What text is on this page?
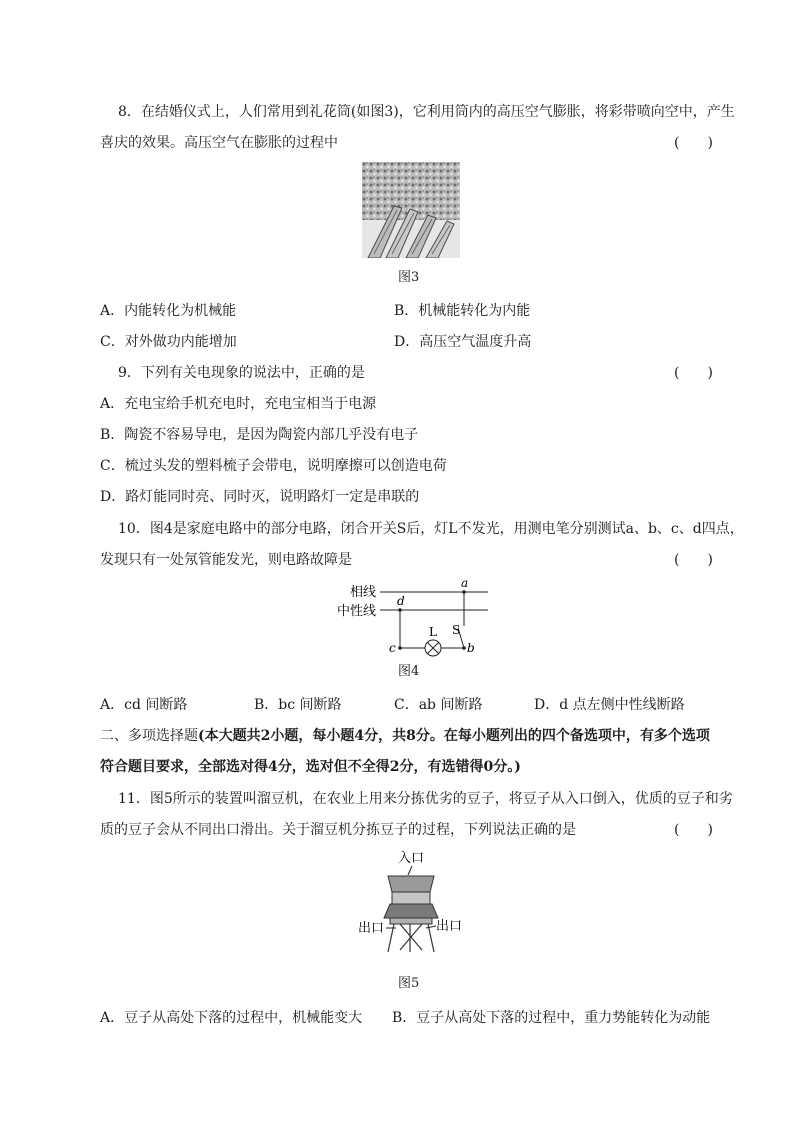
8．在结婚仪式上，人们常用到礼花筒(如图3)，它利用筒内的高压空气膨胀，将彩带喷向空中，产生
喜庆的效果。高压空气在膨胀的过程中	(　　)
图3
A．内能转化为机械能	B．机械能转化为内能
C．对外做功内能增加	D．高压空气温度升高
9．下列有关电现象的说法中，正确的是	(　　)
A．充电宝给手机充电时，充电宝相当于电源
B．陶瓷不容易导电，是因为陶瓷内部几乎没有电子
C．梳过头发的塑料梳子会带电，说明摩擦可以创造电荷
D．路灯能同时亮、同时灭，说明路灯一定是串联的
10．图4是家庭电路中的部分电路，闭合开关S后，灯L不发光，用测电笔分别测试a、b、c、d四点，
发现只有一处氖管能发光，则电路故障是	(　　)
相线
中性线
a
d
c	b
L S
图4
A．cd 间断路	B．bc 间断路	C．ab 间断路	D．d 点左侧中性线断路
二、多项选择题(本大题共2小题，每小题4分，共8分。在每小题列出的四个备选项中，有多个选项
符合题目要求，全部选对得4分，选对但不全得2分，有选错得0分。)
11．图5所示的装置叫溜豆机，在农业上用来分拣优劣的豆子，将豆子从入口倒入，优质的豆子和劣
质的豆子会从不同出口滑出。关于溜豆机分拣豆子的过程，下列说法正确的是	(　　)
入口
出口	出口
图5
A．豆子从高处下落的过程中，机械能变大 B．豆子从高处下落的过程中，重力势能转化为动能
